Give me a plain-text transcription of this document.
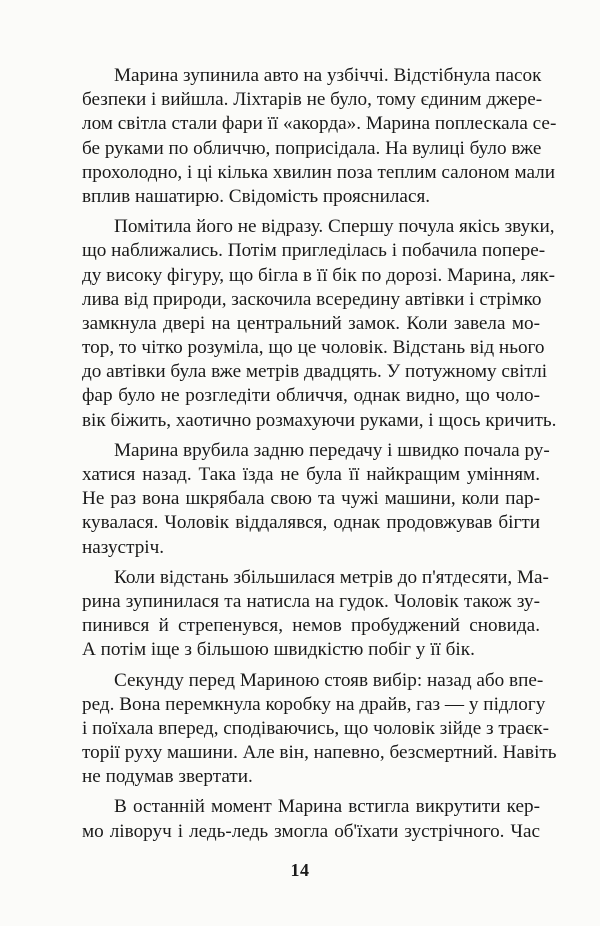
Марина зупинила авто на узбіччі. Відстібнула пасок
безпеки і вийшла. Ліхтарів не було, тому єдиним джере-
лом світла стали фари її «акорда». Марина поплескала се-
бе руками по обличчю, поприсідала. На вулиці було вже
прохолодно, і ці кілька хвилин поза теплим салоном мали
вплив нашатирю. Свідомість прояснилася.
Помітила його не відразу. Спершу почула якісь звуки,
що наближались. Потім пригледілась і побачила попере-
ду високу фігуру, що бігла в її бік по дорозі. Марина, ляк-
лива від природи, заскочила всередину автівки і стрімко
замкнула двері на центральний замок. Коли завела мо-
тор, то чітко розуміла, що це чоловік. Відстань від нього
до автівки була вже метрів двадцять. У потужному світлі
фар було не розгледіти обличчя, однак видно, що чоло-
вік біжить, хаотично розмахуючи руками, і щось кричить.
Марина врубила задню передачу і швидко почала ру-
хатися назад. Така їзда не була її найкращим умінням.
Не раз вона шкрябала свою та чужі машини, коли пар-
кувалася. Чоловік віддалявся, однак продовжував бігти
назустріч.
Коли відстань збільшилася метрів до п'ятдесяти, Ма-
рина зупинилася та натисла на гудок. Чоловік також зу-
пинився й стрепенувся, немов пробуджений сновида.
А потім іще з більшою швидкістю побіг у її бік.
Секунду перед Мариною стояв вибір: назад або впе-
ред. Вона перемкнула коробку на драйв, газ — у підлогу
і поїхала вперед, сподіваючись, що чоловік зійде з траєк-
торії руху машини. Але він, напевно, безсмертний. Навіть
не подумав звертати.
В останній момент Марина встигла викрутити кер-
мо ліворуч і ледь-ледь змогла об'їхати зустрічного. Час
14
